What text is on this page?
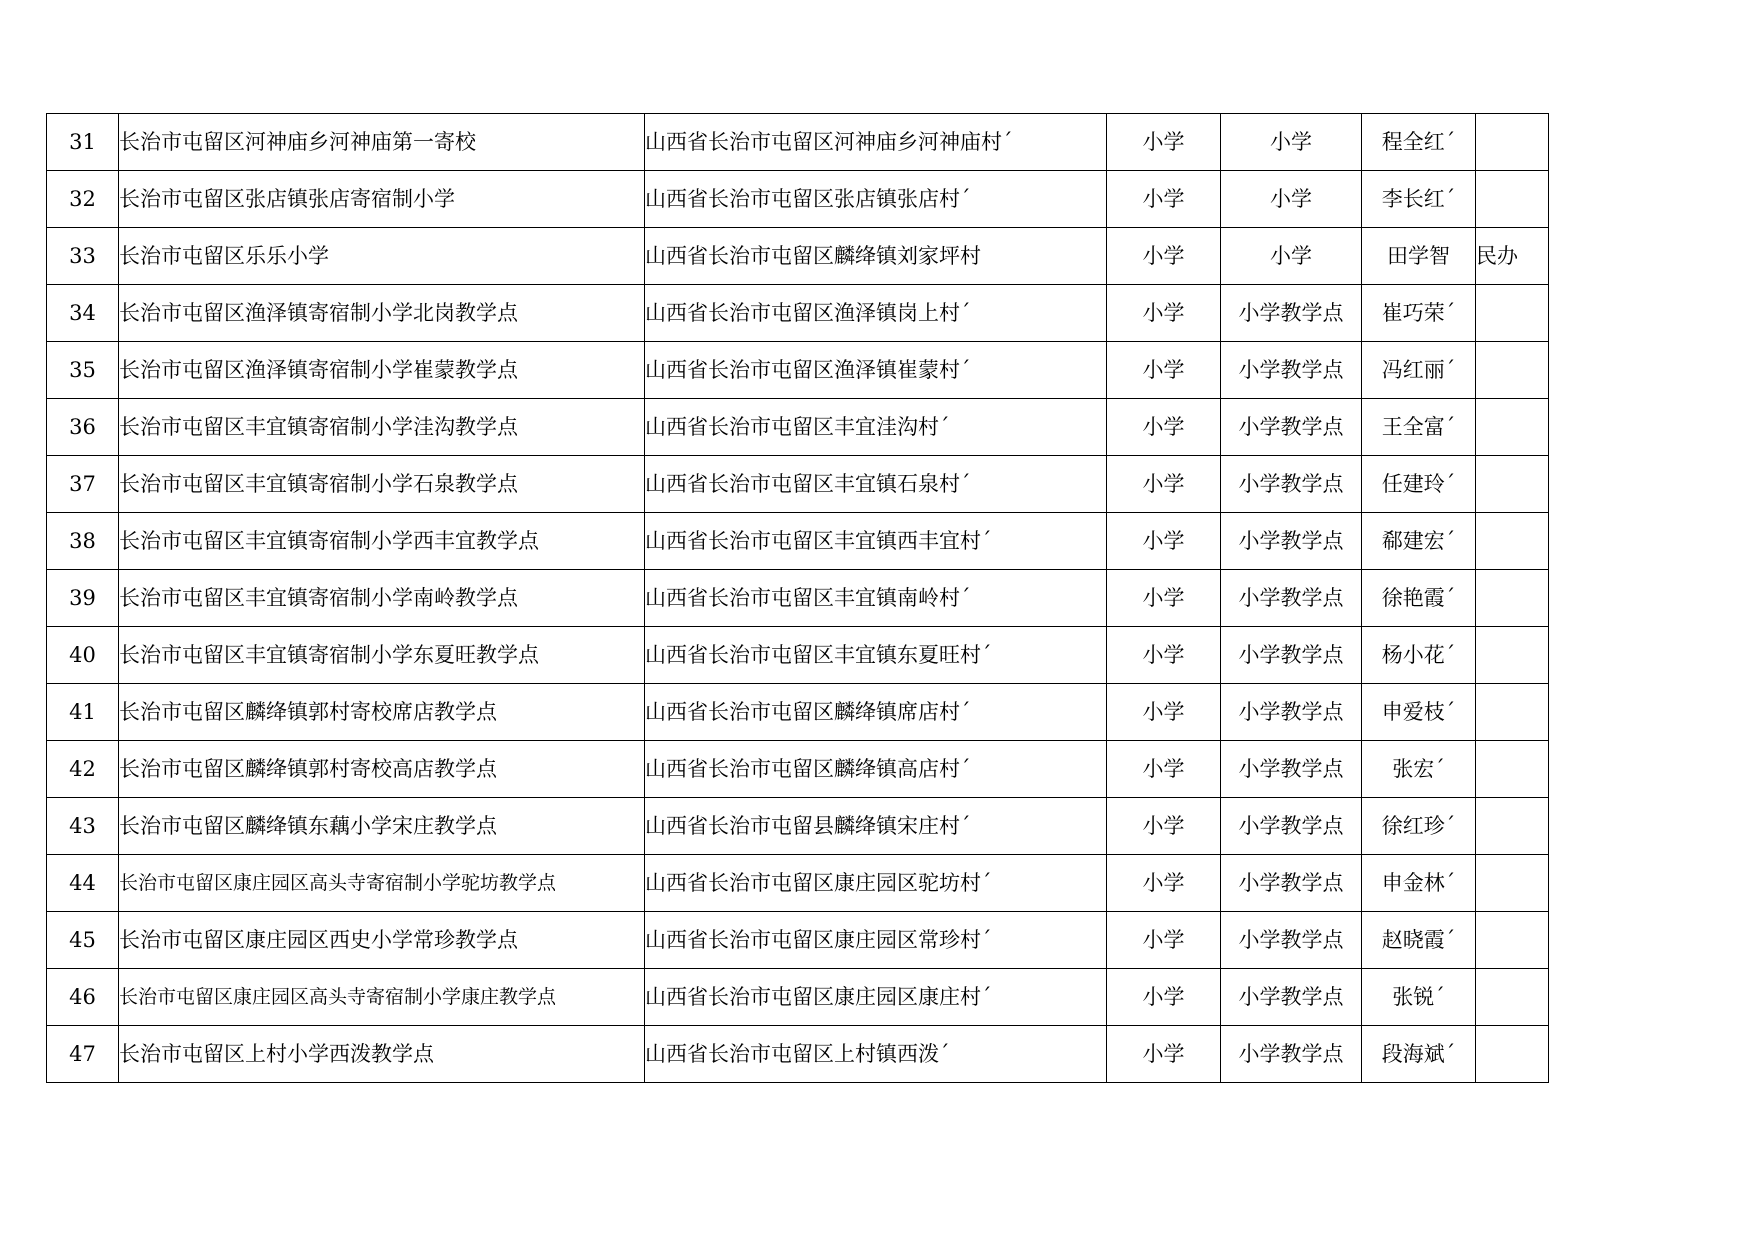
31	长治市屯留区河神庙乡河神庙第一寄校	山西省长治市屯留区河神庙乡河神庙村´	小学	小学	程全红´	
32	长治市屯留区张店镇张店寄宿制小学	山西省长治市屯留区张店镇张店村´	小学	小学	李长红´	
33	长治市屯留区乐乐小学	山西省长治市屯留区麟绛镇刘家坪村	小学	小学	田学智	民办
34	长治市屯留区渔泽镇寄宿制小学北岗教学点	山西省长治市屯留区渔泽镇岗上村´	小学	小学教学点	崔巧荣´	
35	长治市屯留区渔泽镇寄宿制小学崔蒙教学点	山西省长治市屯留区渔泽镇崔蒙村´	小学	小学教学点	冯红丽´	
36	长治市屯留区丰宜镇寄宿制小学洼沟教学点	山西省长治市屯留区丰宜洼沟村´	小学	小学教学点	王全富´	
37	长治市屯留区丰宜镇寄宿制小学石泉教学点	山西省长治市屯留区丰宜镇石泉村´	小学	小学教学点	任建玲´	
38	长治市屯留区丰宜镇寄宿制小学西丰宜教学点	山西省长治市屯留区丰宜镇西丰宜村´	小学	小学教学点	郗建宏´	
39	长治市屯留区丰宜镇寄宿制小学南岭教学点	山西省长治市屯留区丰宜镇南岭村´	小学	小学教学点	徐艳霞´	
40	长治市屯留区丰宜镇寄宿制小学东夏旺教学点	山西省长治市屯留区丰宜镇东夏旺村´	小学	小学教学点	杨小花´	
41	长治市屯留区麟绛镇郭村寄校席店教学点	山西省长治市屯留区麟绛镇席店村´	小学	小学教学点	申爱枝´	
42	长治市屯留区麟绛镇郭村寄校高店教学点	山西省长治市屯留区麟绛镇高店村´	小学	小学教学点	张宏´	
43	长治市屯留区麟绛镇东藕小学宋庄教学点	山西省长治市屯留县麟绛镇宋庄村´	小学	小学教学点	徐红珍´	
44	长治市屯留区康庄园区高头寺寄宿制小学驼坊教学点	山西省长治市屯留区康庄园区驼坊村´	小学	小学教学点	申金林´	
45	长治市屯留区康庄园区西史小学常珍教学点	山西省长治市屯留区康庄园区常珍村´	小学	小学教学点	赵晓霞´	
46	长治市屯留区康庄园区高头寺寄宿制小学康庄教学点	山西省长治市屯留区康庄园区康庄村´	小学	小学教学点	张锐´	
47	长治市屯留区上村小学西泼教学点	山西省长治市屯留区上村镇西泼´	小学	小学教学点	段海斌´	
